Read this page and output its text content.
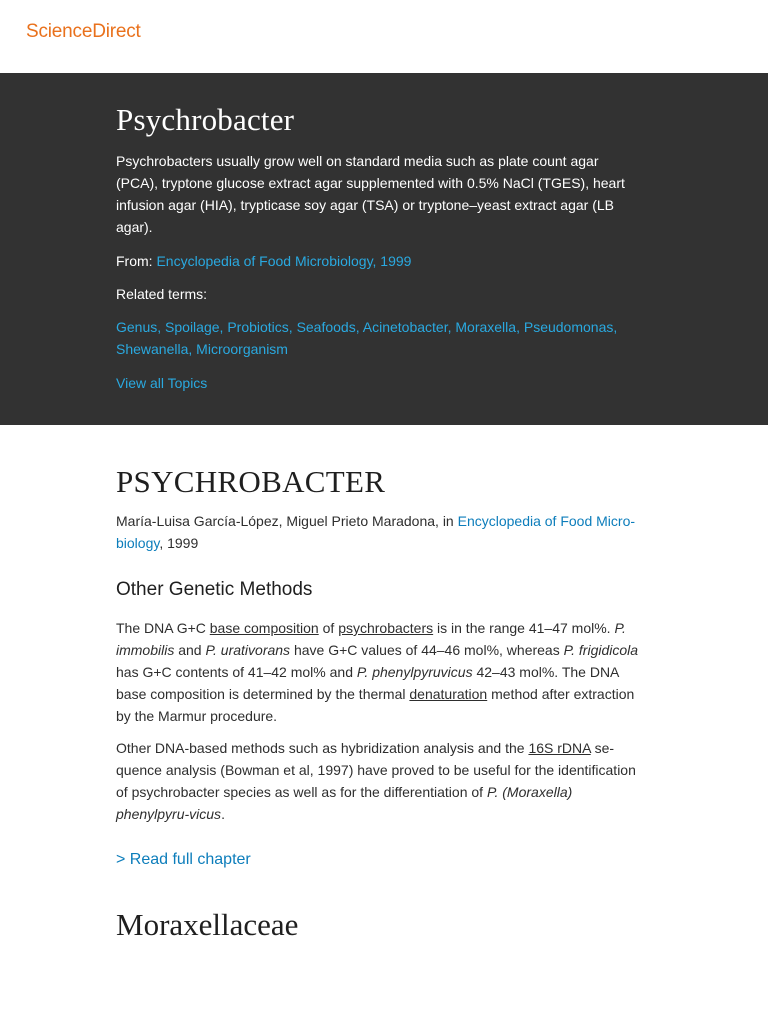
ScienceDirect
Psychrobacter

Psychrobacters usually grow well on standard media such as plate count agar (PCA), tryptone glucose extract agar supplemented with 0.5% NaCl (TGES), heart infusion agar (HIA), trypticase soy agar (TSA) or tryptone–yeast extract agar (LB agar).

From: Encyclopedia of Food Microbiology, 1999

Related terms:

Genus, Spoilage, Probiotics, Seafoods, Acinetobacter, Moraxella, Pseudomonas, Shewanella, Microorganism

View all Topics

PSYCHROBACTER

María-Luisa García-López, Miguel Prieto Maradona, in Encyclopedia of Food Micro-biology, 1999

Other Genetic Methods

The DNA G+C base composition of psychrobacters is in the range 41–47 mol%. P. immobilis and P. urativorans have G+C values of 44–46 mol%, whereas P. frigidicola has G+C contents of 41–42 mol% and P. phenylpyruvicus 42–43 mol%. The DNA base composition is determined by the thermal denaturation method after extraction by the Marmur procedure.

Other DNA-based methods such as hybridization analysis and the 16S rDNA se-quence analysis (Bowman et al, 1997) have proved to be useful for the identification of psychrobacter species as well as for the differentiation of P. (Moraxella) phenylpyru-vicus.

> Read full chapter

Moraxellaceae
